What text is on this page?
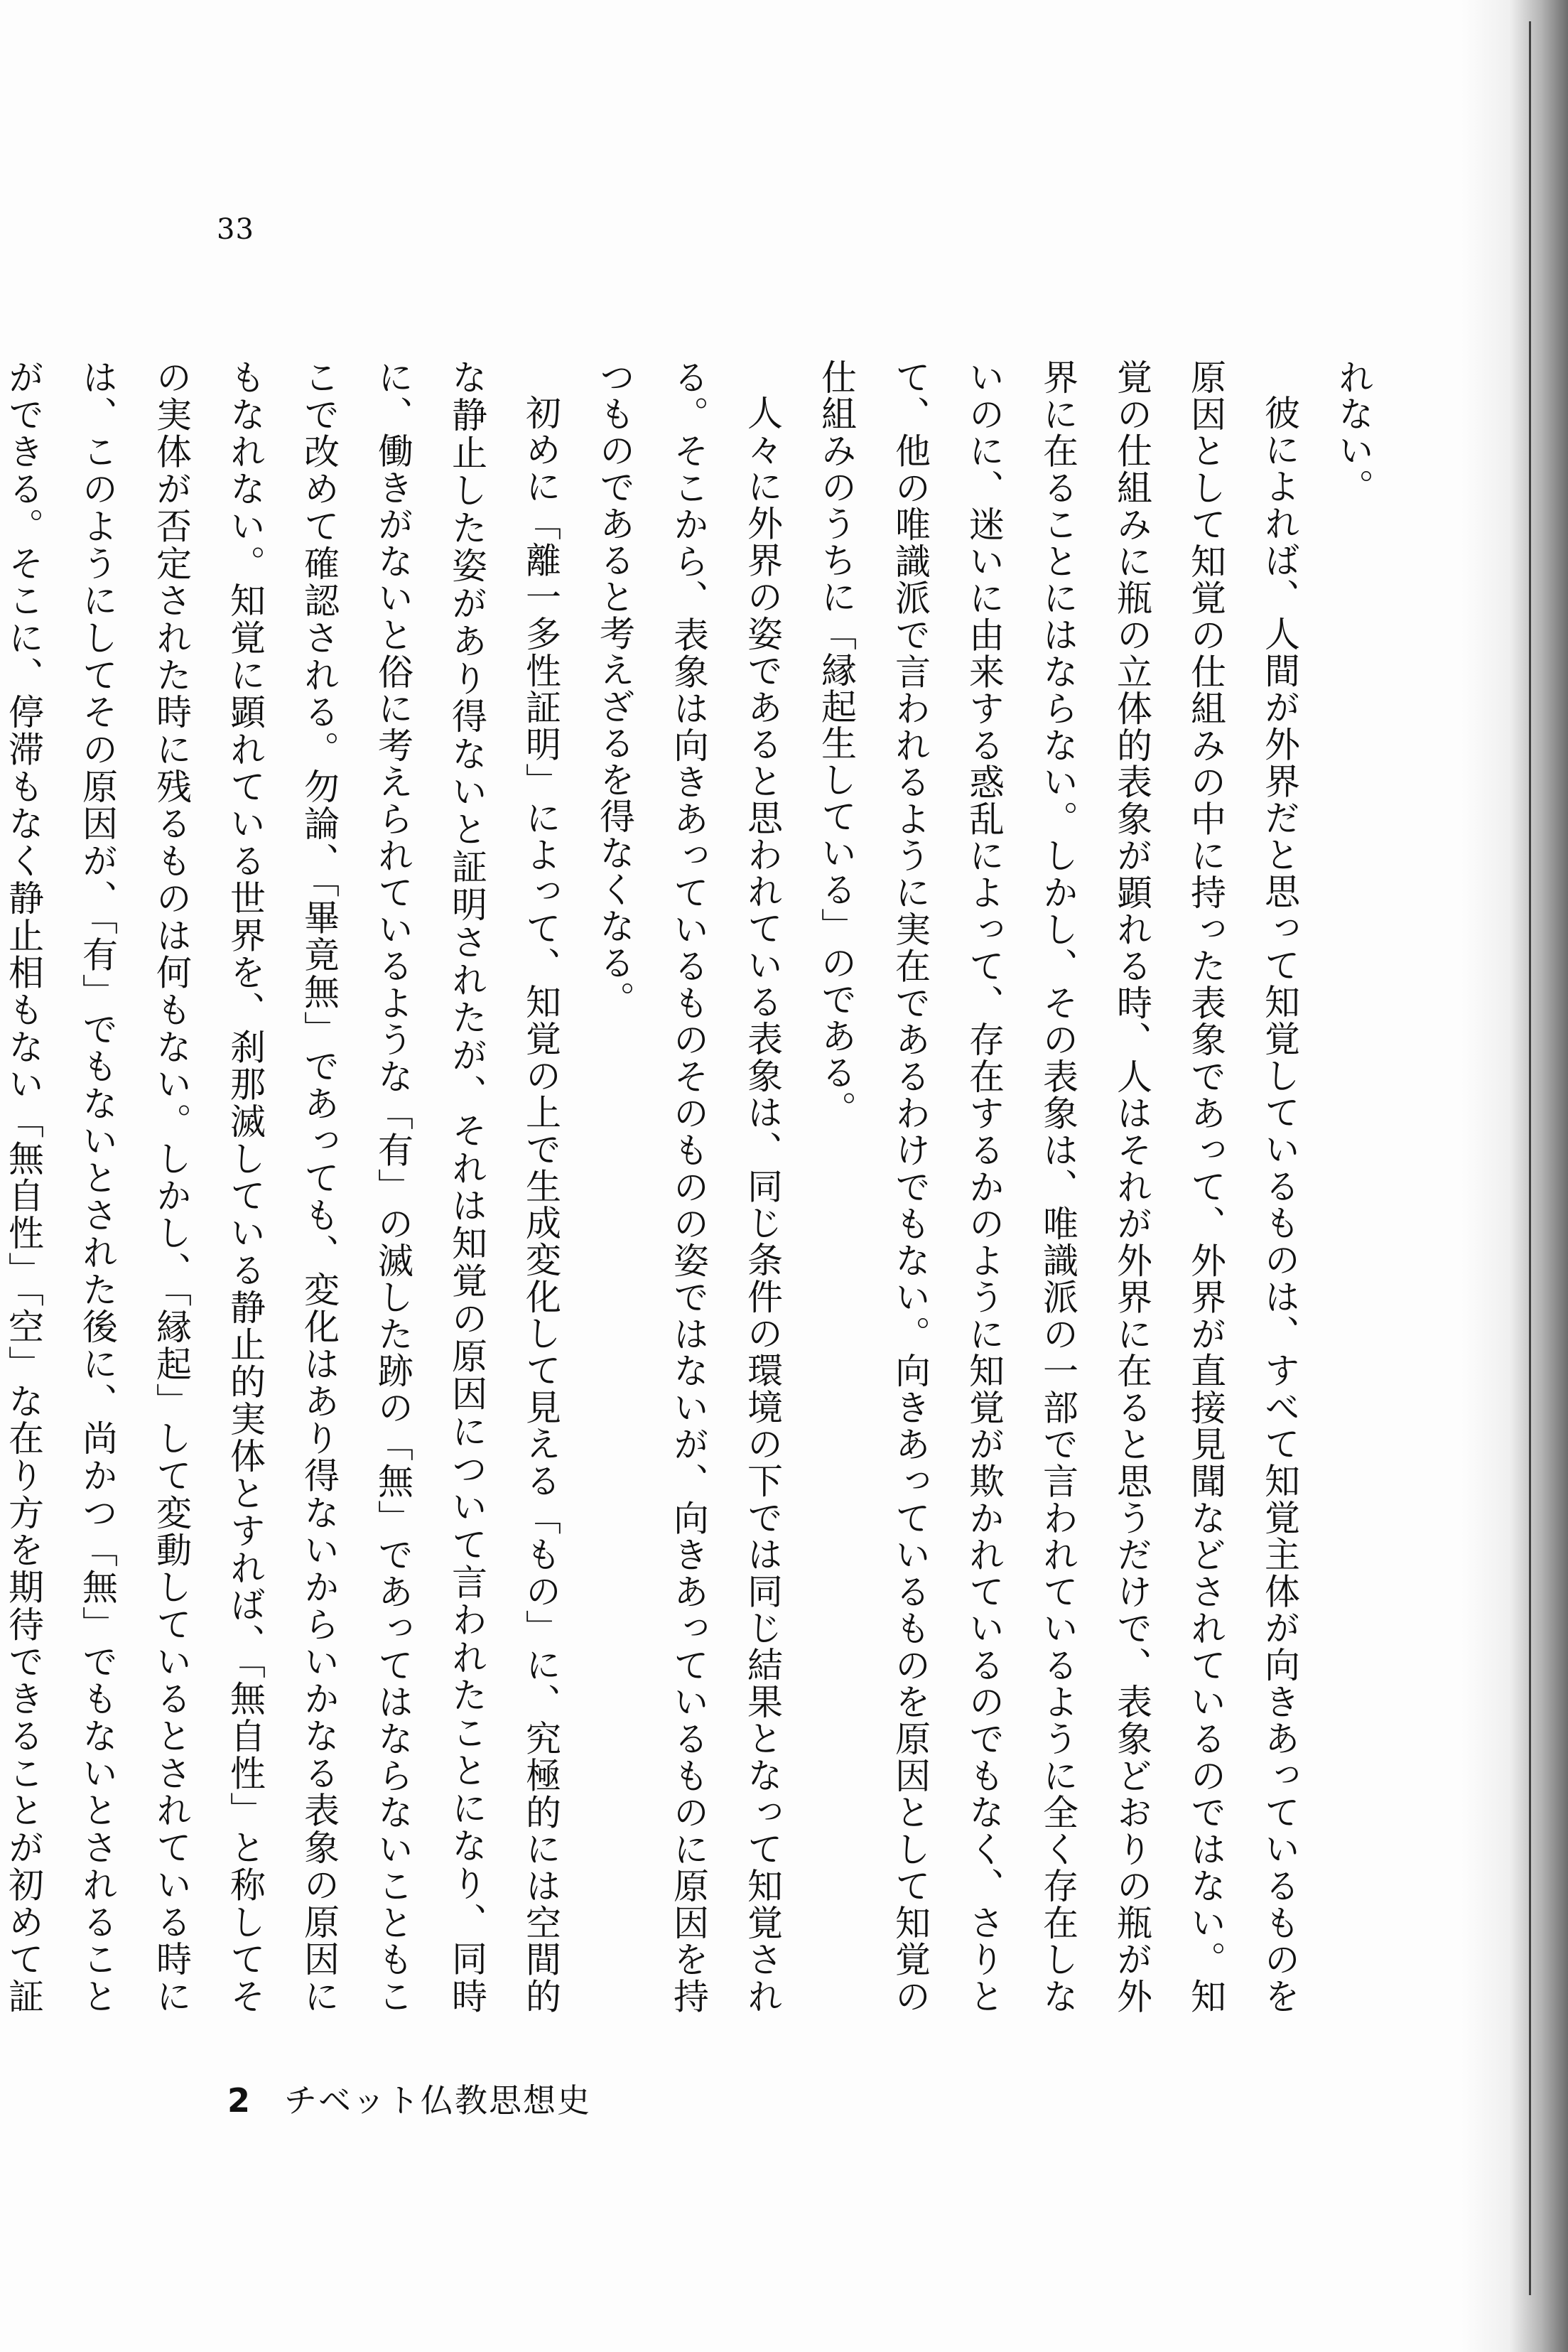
33

れない。

彼によれば、人間が外界だと思って知覚しているものは、すべて知覚主体が向きあっているものを原因として知覚の仕組みの中に持った表象であって、外界が直接見聞などされているのではない。知覚の仕組みに瓶の立体的表象が顕れる時、人はそれが外界に在ると思うだけで、表象どおりの瓶が外界に在ることにはならない。しかし、その表象は、唯識派の一部で言われているように全く存在しないのに、迷いに由来する惑乱によって、存在するかのように知覚が欺かれているのでもなく、さりとて、他の唯識派で言われるように実在であるわけでもない。向きあっているものを原因として知覚の仕組みのうちに「縁起生している」のである。

人々に外界の姿であると思われている表象は、同じ条件の環境の下では同じ結果となって知覚される。そこから、表象は向きあっているものそのものの姿ではないが、向きあっているものに原因を持つものであると考えざるを得なくなる。

初めに「離一多性証明」によって、知覚の上で生成変化して見える「もの」に、究極的には空間的な静止した姿があり得ないと証明されたが、それは知覚の原因について言われたことになり、同時に、働きがないと俗に考えられているような「有」の滅した跡の「無」であってはならないこともここで改めて確認される。勿論、「畢竟無」であっても、変化はあり得ないからいかなる表象の原因にもなれない。知覚に顕れている世界を、刹那滅している静止的実体とすれば、「無自性」と称してその実体が否定された時に残るものは何もない。しかし、「縁起」して変動しているとされている時には、このようにしてその原因が、「有」でもないとされた後に、尚かつ「無」でもないとされることができる。そこに、停滞もなく静止相もない「無自性」「空」な在り方を期待できることが初めて証

2 チベット仏教思想史
